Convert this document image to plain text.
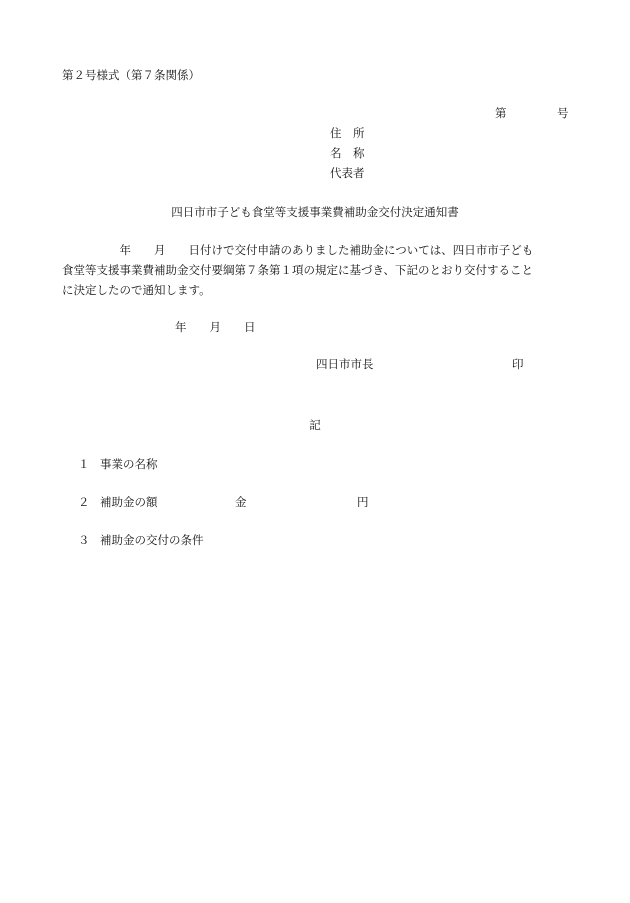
第２号様式（第７条関係）
第	号
住　所
名　称
代表者
四日市市子ども食堂等支援事業費補助金交付決定通知書
　　　　　年　　月　　日付けで交付申請のありました補助金については、四日市市子ども
食堂等支援事業費補助金交付要綱第７条第１項の規定に基づき、下記のとおり交付すること
に決定したので通知します。
年　　月　　日
四日市市長	印
記
１ 事業の名称
２ 補助金の額	金	円
３ 補助金の交付の条件
